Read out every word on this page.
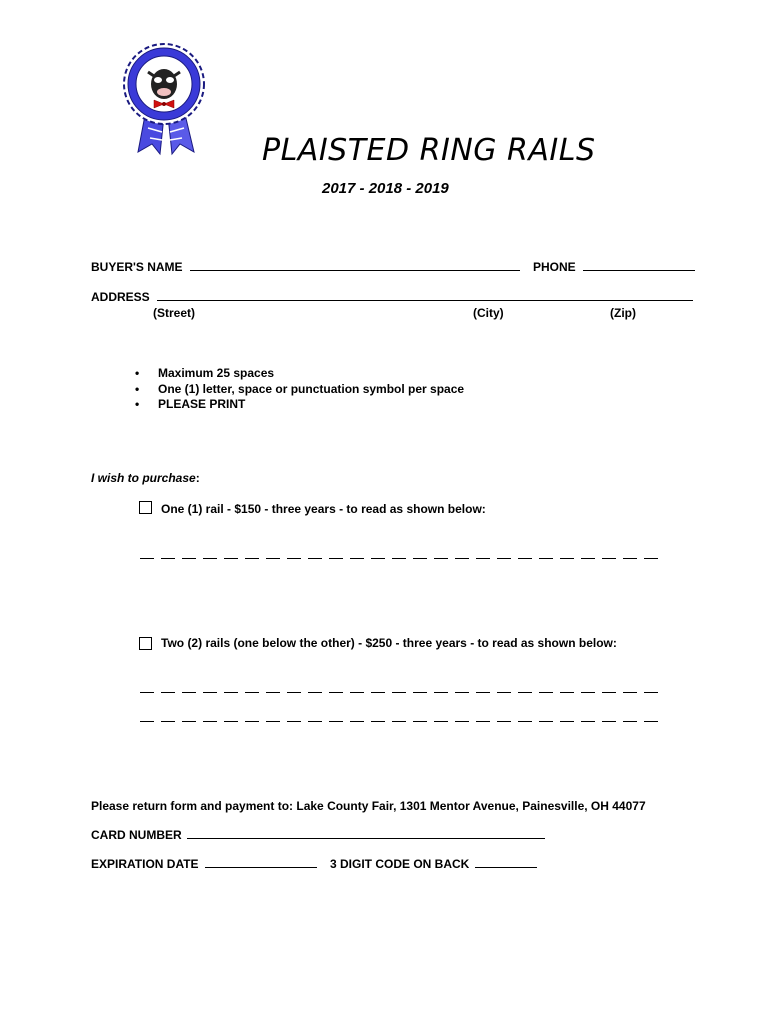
PLAISTED RING RAILS
2017 - 2018 - 2019
BUYER'S NAME	PHONE
ADDRESS
(Street)	(City)	(Zip)
• Maximum 25 spaces
• One (1) letter, space or punctuation symbol per space
• PLEASE PRINT
I wish to purchase:
One (1) rail - $150 - three years - to read as shown below:
Two (2) rails (one below the other) - $250 - three years - to read as shown below:
Please return form and payment to: Lake County Fair, 1301 Mentor Avenue, Painesville, OH 44077
CARD NUMBER
EXPIRATION DATE	3 DIGIT CODE ON BACK
